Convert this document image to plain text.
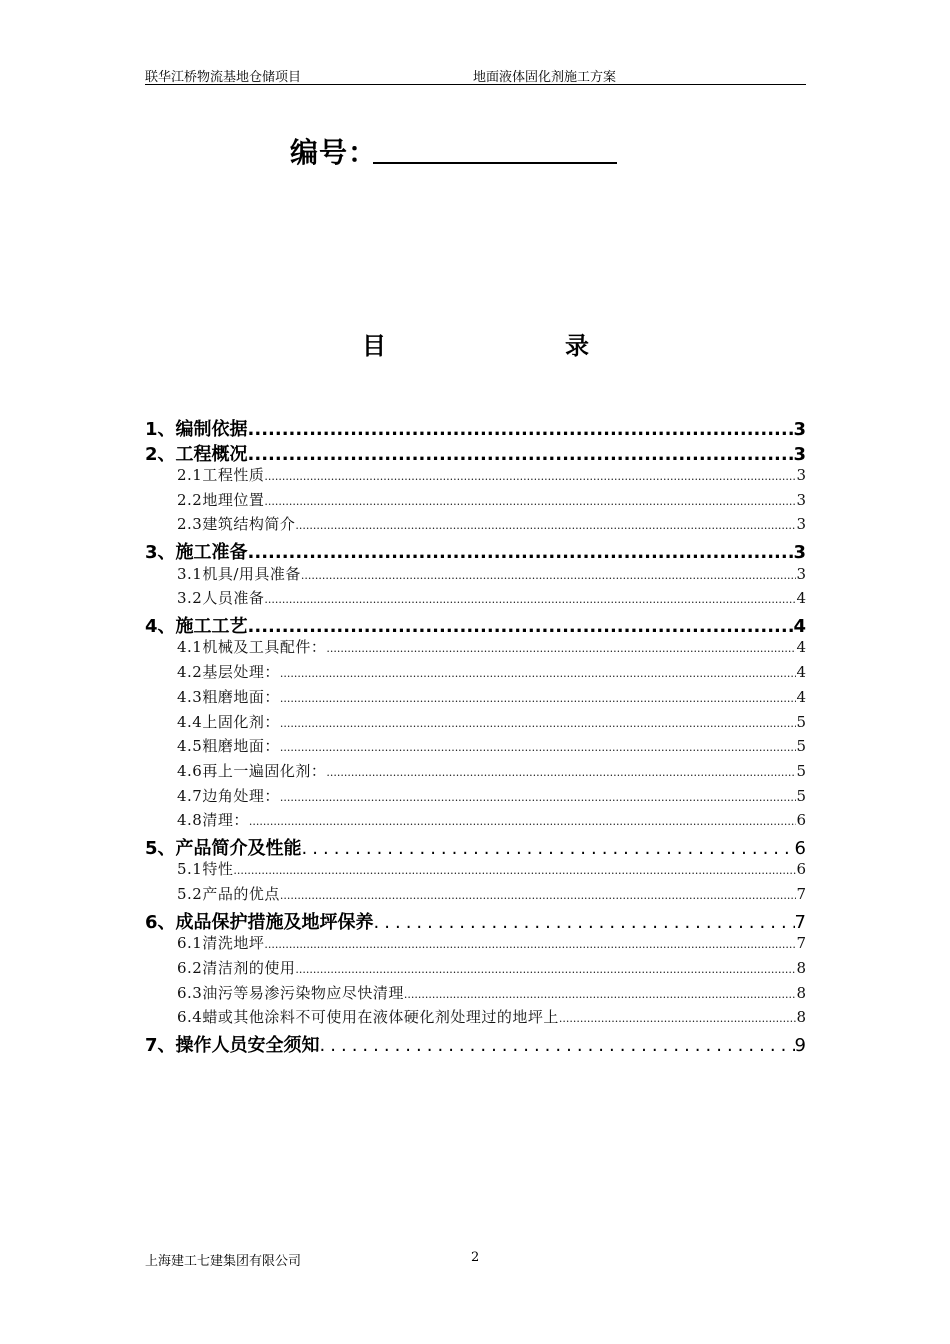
联华江桥物流基地仓储项目	地面液体固化剂施工方案
编号：
目	录
1、编制依据 .....	3
2、工程概况 .....	3
2.1工程性质 .....	3
2.2地理位置 .....	3
2.3建筑结构简介 .....	3
3、施工准备 .....	3
3.1机具/用具准备 .....	3
3.2人员准备 .....	4
4、施工工艺 .....	4
4.1机械及工具配件： .....	4
4.2基层处理： .....	4
4.3粗磨地面： .....	4
4.4上固化剂： .....	5
4.5粗磨地面： .....	5
4.6再上一遍固化剂： .....	5
4.7边角处理： .....	5
4.8清理： .....	6
5、产品简介及性能 .....	6
5.1特性 .....	6
5.2产品的优点 .....	7
6、成品保护措施及地坪保养 .....	7
6.1清洗地坪 .....	7
6.2清洁剂的使用 .....	8
6.3油污等易渗污染物应尽快清理 .....	8
6.4蜡或其他涂料不可使用在液体硬化剂处理过的地坪上 .....	8
7、操作人员安全须知 .....	9
上海建工七建集团有限公司	2
